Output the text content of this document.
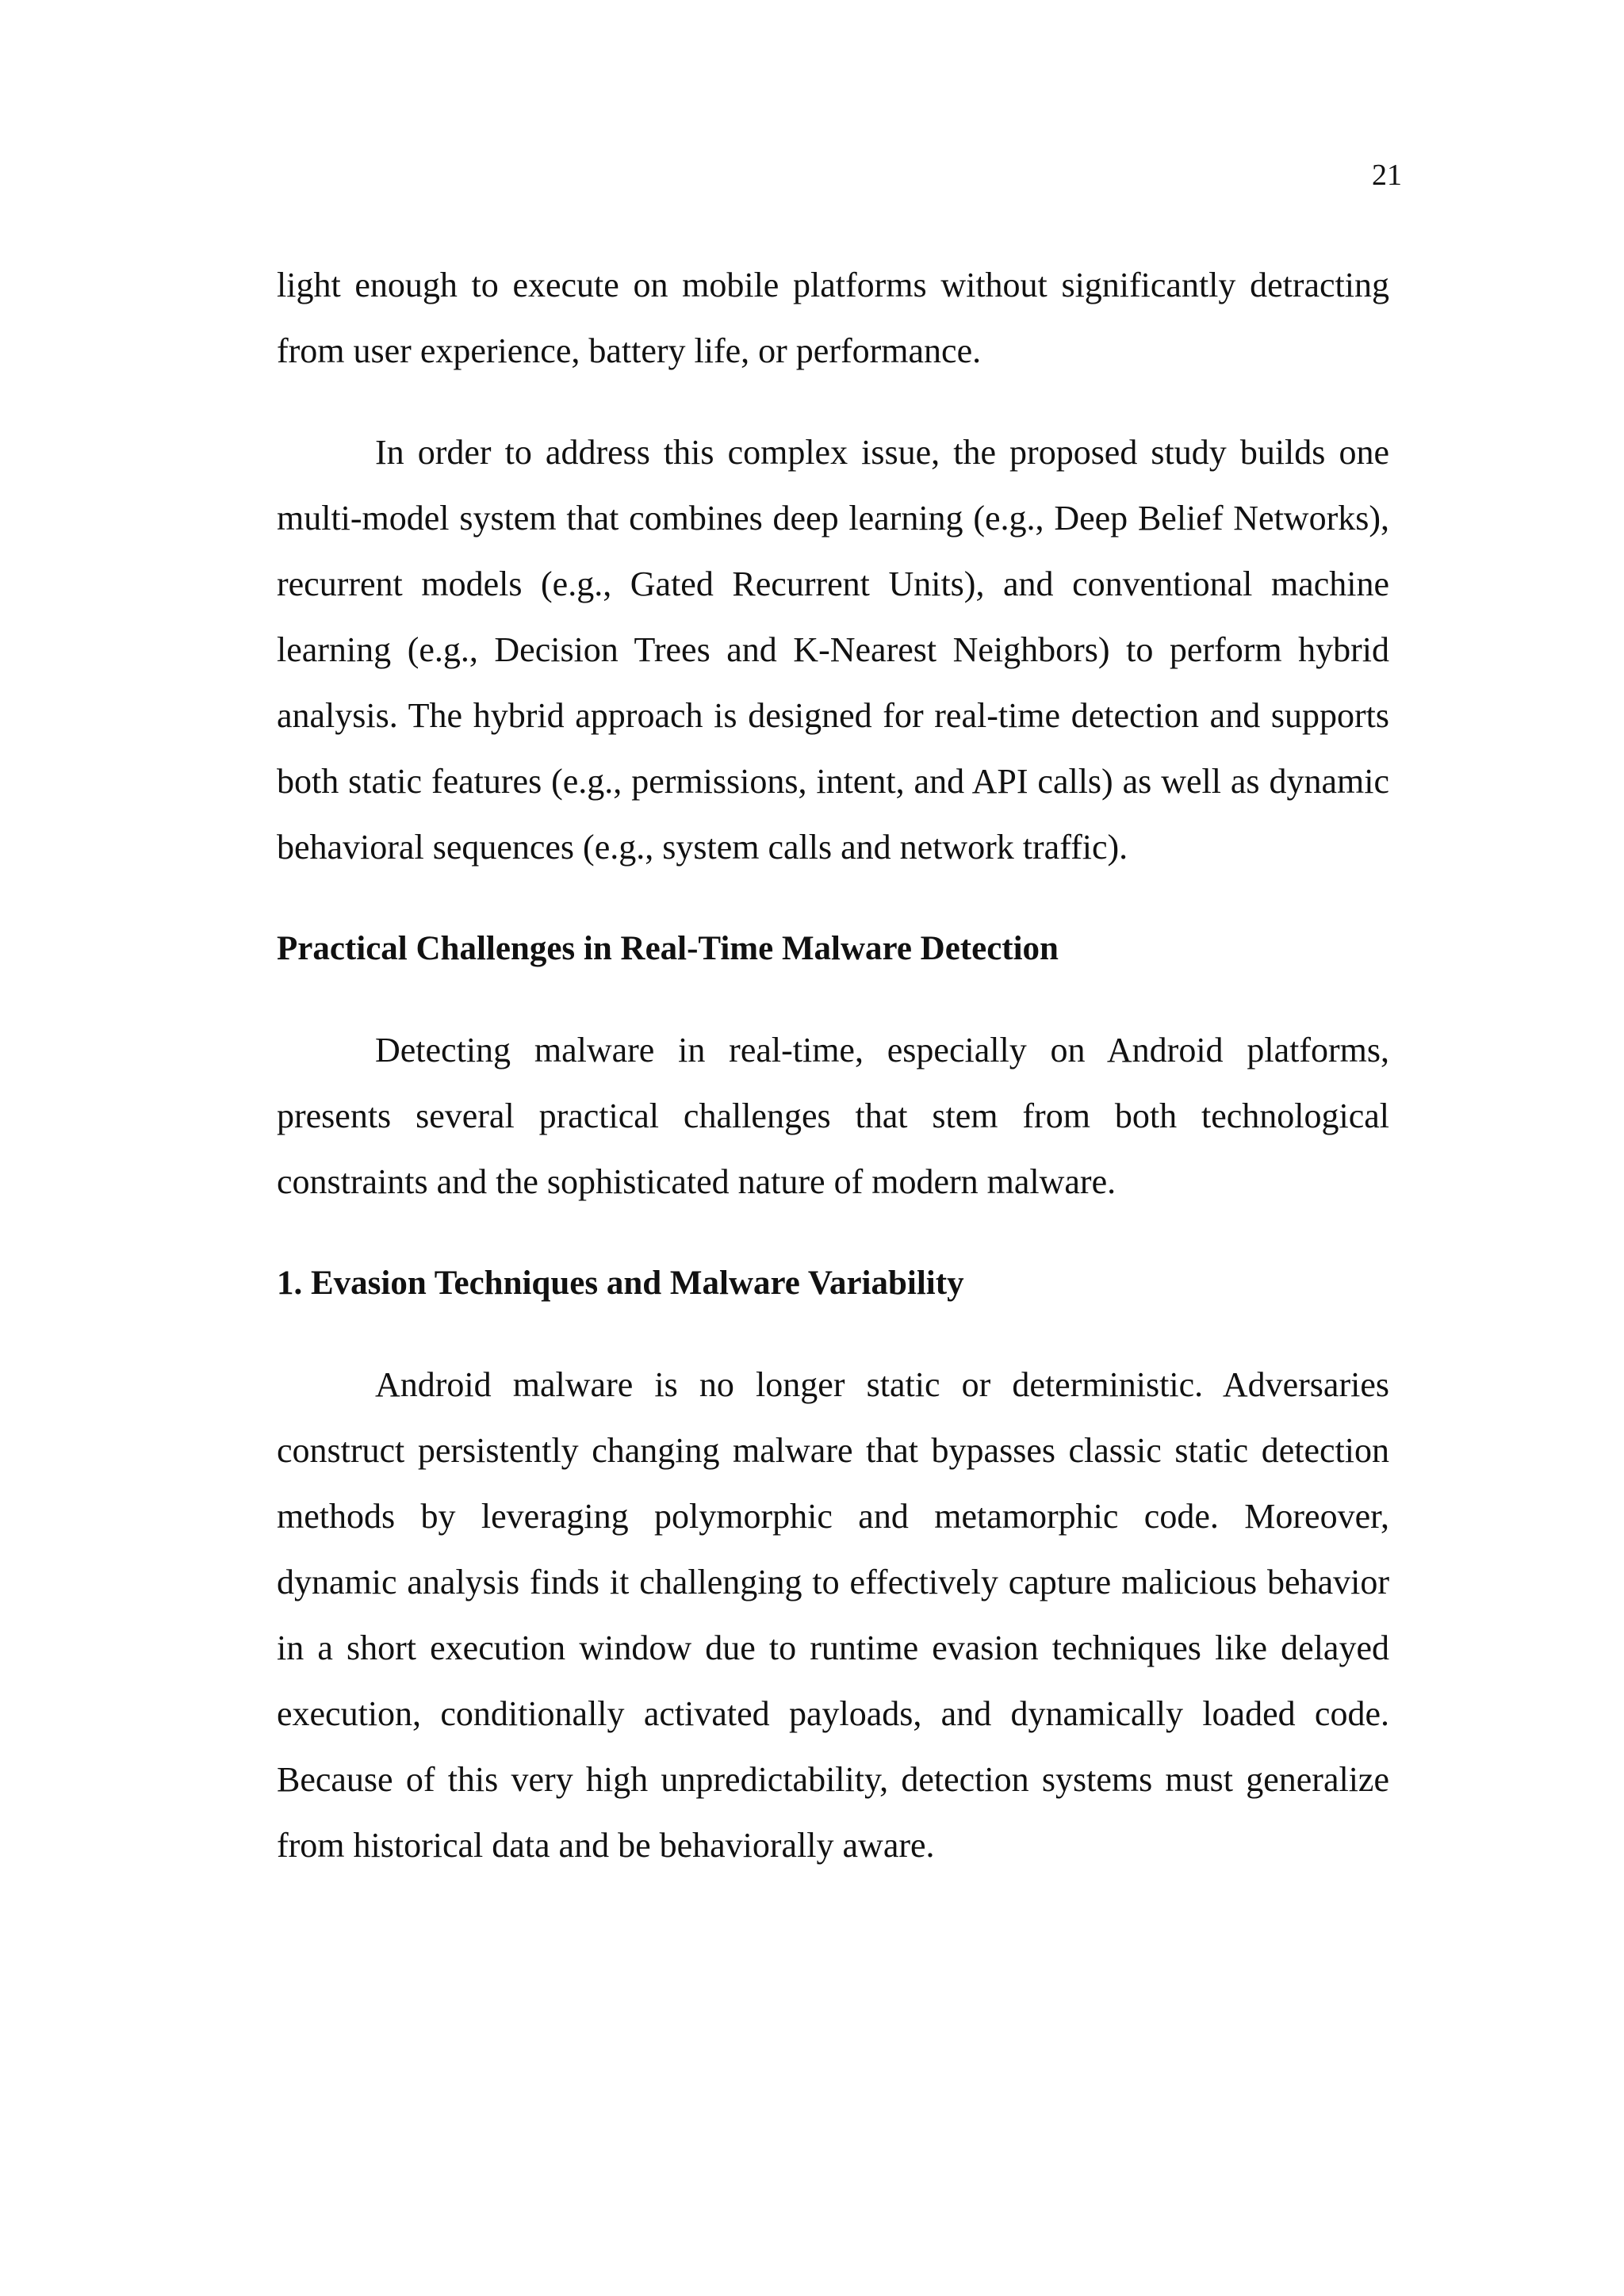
21

light enough to execute on mobile platforms without significantly detracting from user experience, battery life, or performance.

In order to address this complex issue, the proposed study builds one multi-model system that combines deep learning (e.g., Deep Belief Networks), recurrent models (e.g., Gated Recurrent Units), and conventional machine learning (e.g., Decision Trees and K-Nearest Neighbors) to perform hybrid analysis. The hybrid approach is designed for real-time detection and supports both static features (e.g., permissions, intent, and API calls) as well as dynamic behavioral sequences (e.g., system calls and network traffic).

Practical Challenges in Real-Time Malware Detection

Detecting malware in real-time, especially on Android platforms, presents several practical challenges that stem from both technological constraints and the sophisticated nature of modern malware.

1. Evasion Techniques and Malware Variability

Android malware is no longer static or deterministic. Adversaries construct persistently changing malware that bypasses classic static detection methods by leveraging polymorphic and metamorphic code. Moreover, dynamic analysis finds it challenging to effectively capture malicious behavior in a short execution window due to runtime evasion techniques like delayed execution, conditionally activated payloads, and dynamically loaded code. Because of this very high unpredictability, detection systems must generalize from historical data and be behaviorally aware.
